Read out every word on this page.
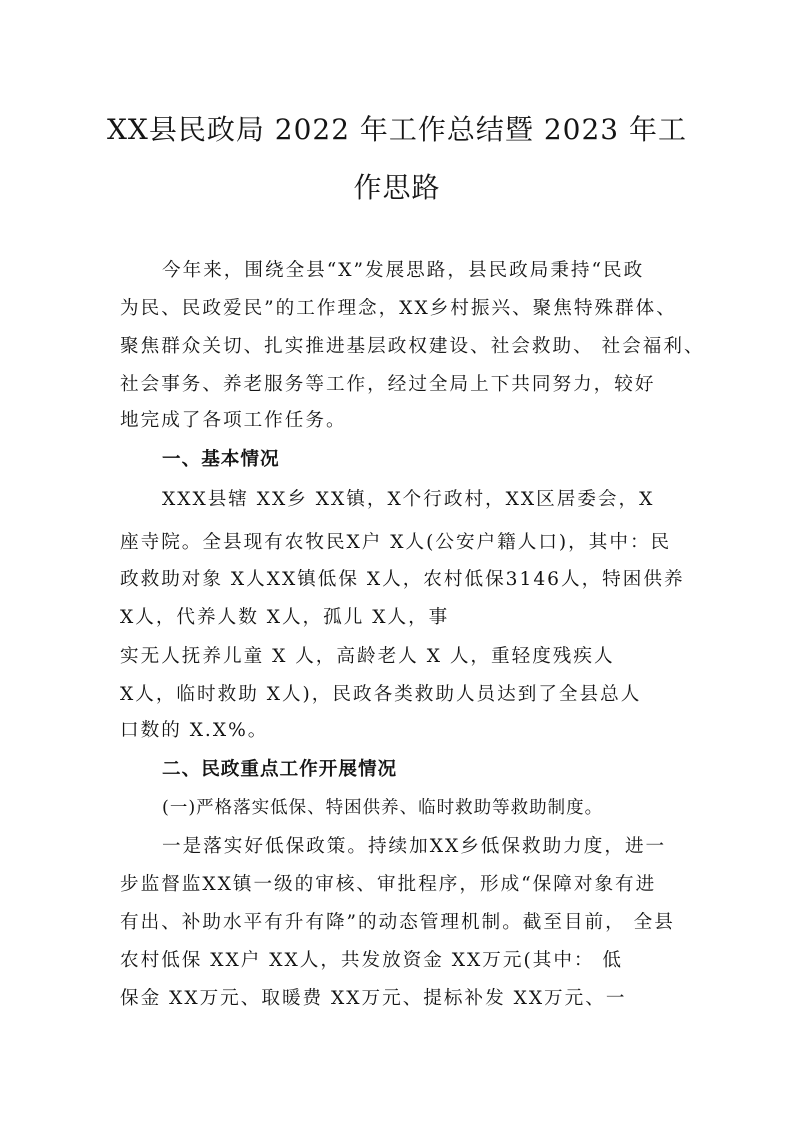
XX县民政局 2022 年工作总结暨 2023 年工
作思路
今年来，围绕全县“X”发展思路，县民政局秉持“民政
为民、民政爱民”的工作理念，XX乡村振兴、聚焦特殊群体、
聚焦群众关切、扎实推进基层政权建设、社会救助、 社会福利、
社会事务、养老服务等工作，经过全局上下共同努力，较好
地完成了各项工作任务。
一、基本情况
XXX县辖 XX乡 XX镇，X个行政村，XX区居委会，X
座寺院。全县现有农牧民X户 X人(公安户籍人口)，其中：民
政救助对象 X人XX镇低保 X人，农村低保3146人，特困供养
X人，代养人数 X人，孤儿 X人，事
实无人抚养儿童 X 人，高龄老人 X 人，重轻度残疾人
X人，临时救助 X人)，民政各类救助人员达到了全县总人
口数的 X.X%。
二、民政重点工作开展情况
(一)严格落实低保、特困供养、临时救助等救助制度。
一是落实好低保政策。持续加XX乡低保救助力度，进一
步监督监XX镇一级的审核、审批程序，形成“保障对象有进
有出、补助水平有升有降”的动态管理机制。截至目前， 全县
农村低保 XX户 XX人，共发放资金 XX万元(其中： 低
保金 XX万元、取暖费 XX万元、提标补发 XX万元、一
